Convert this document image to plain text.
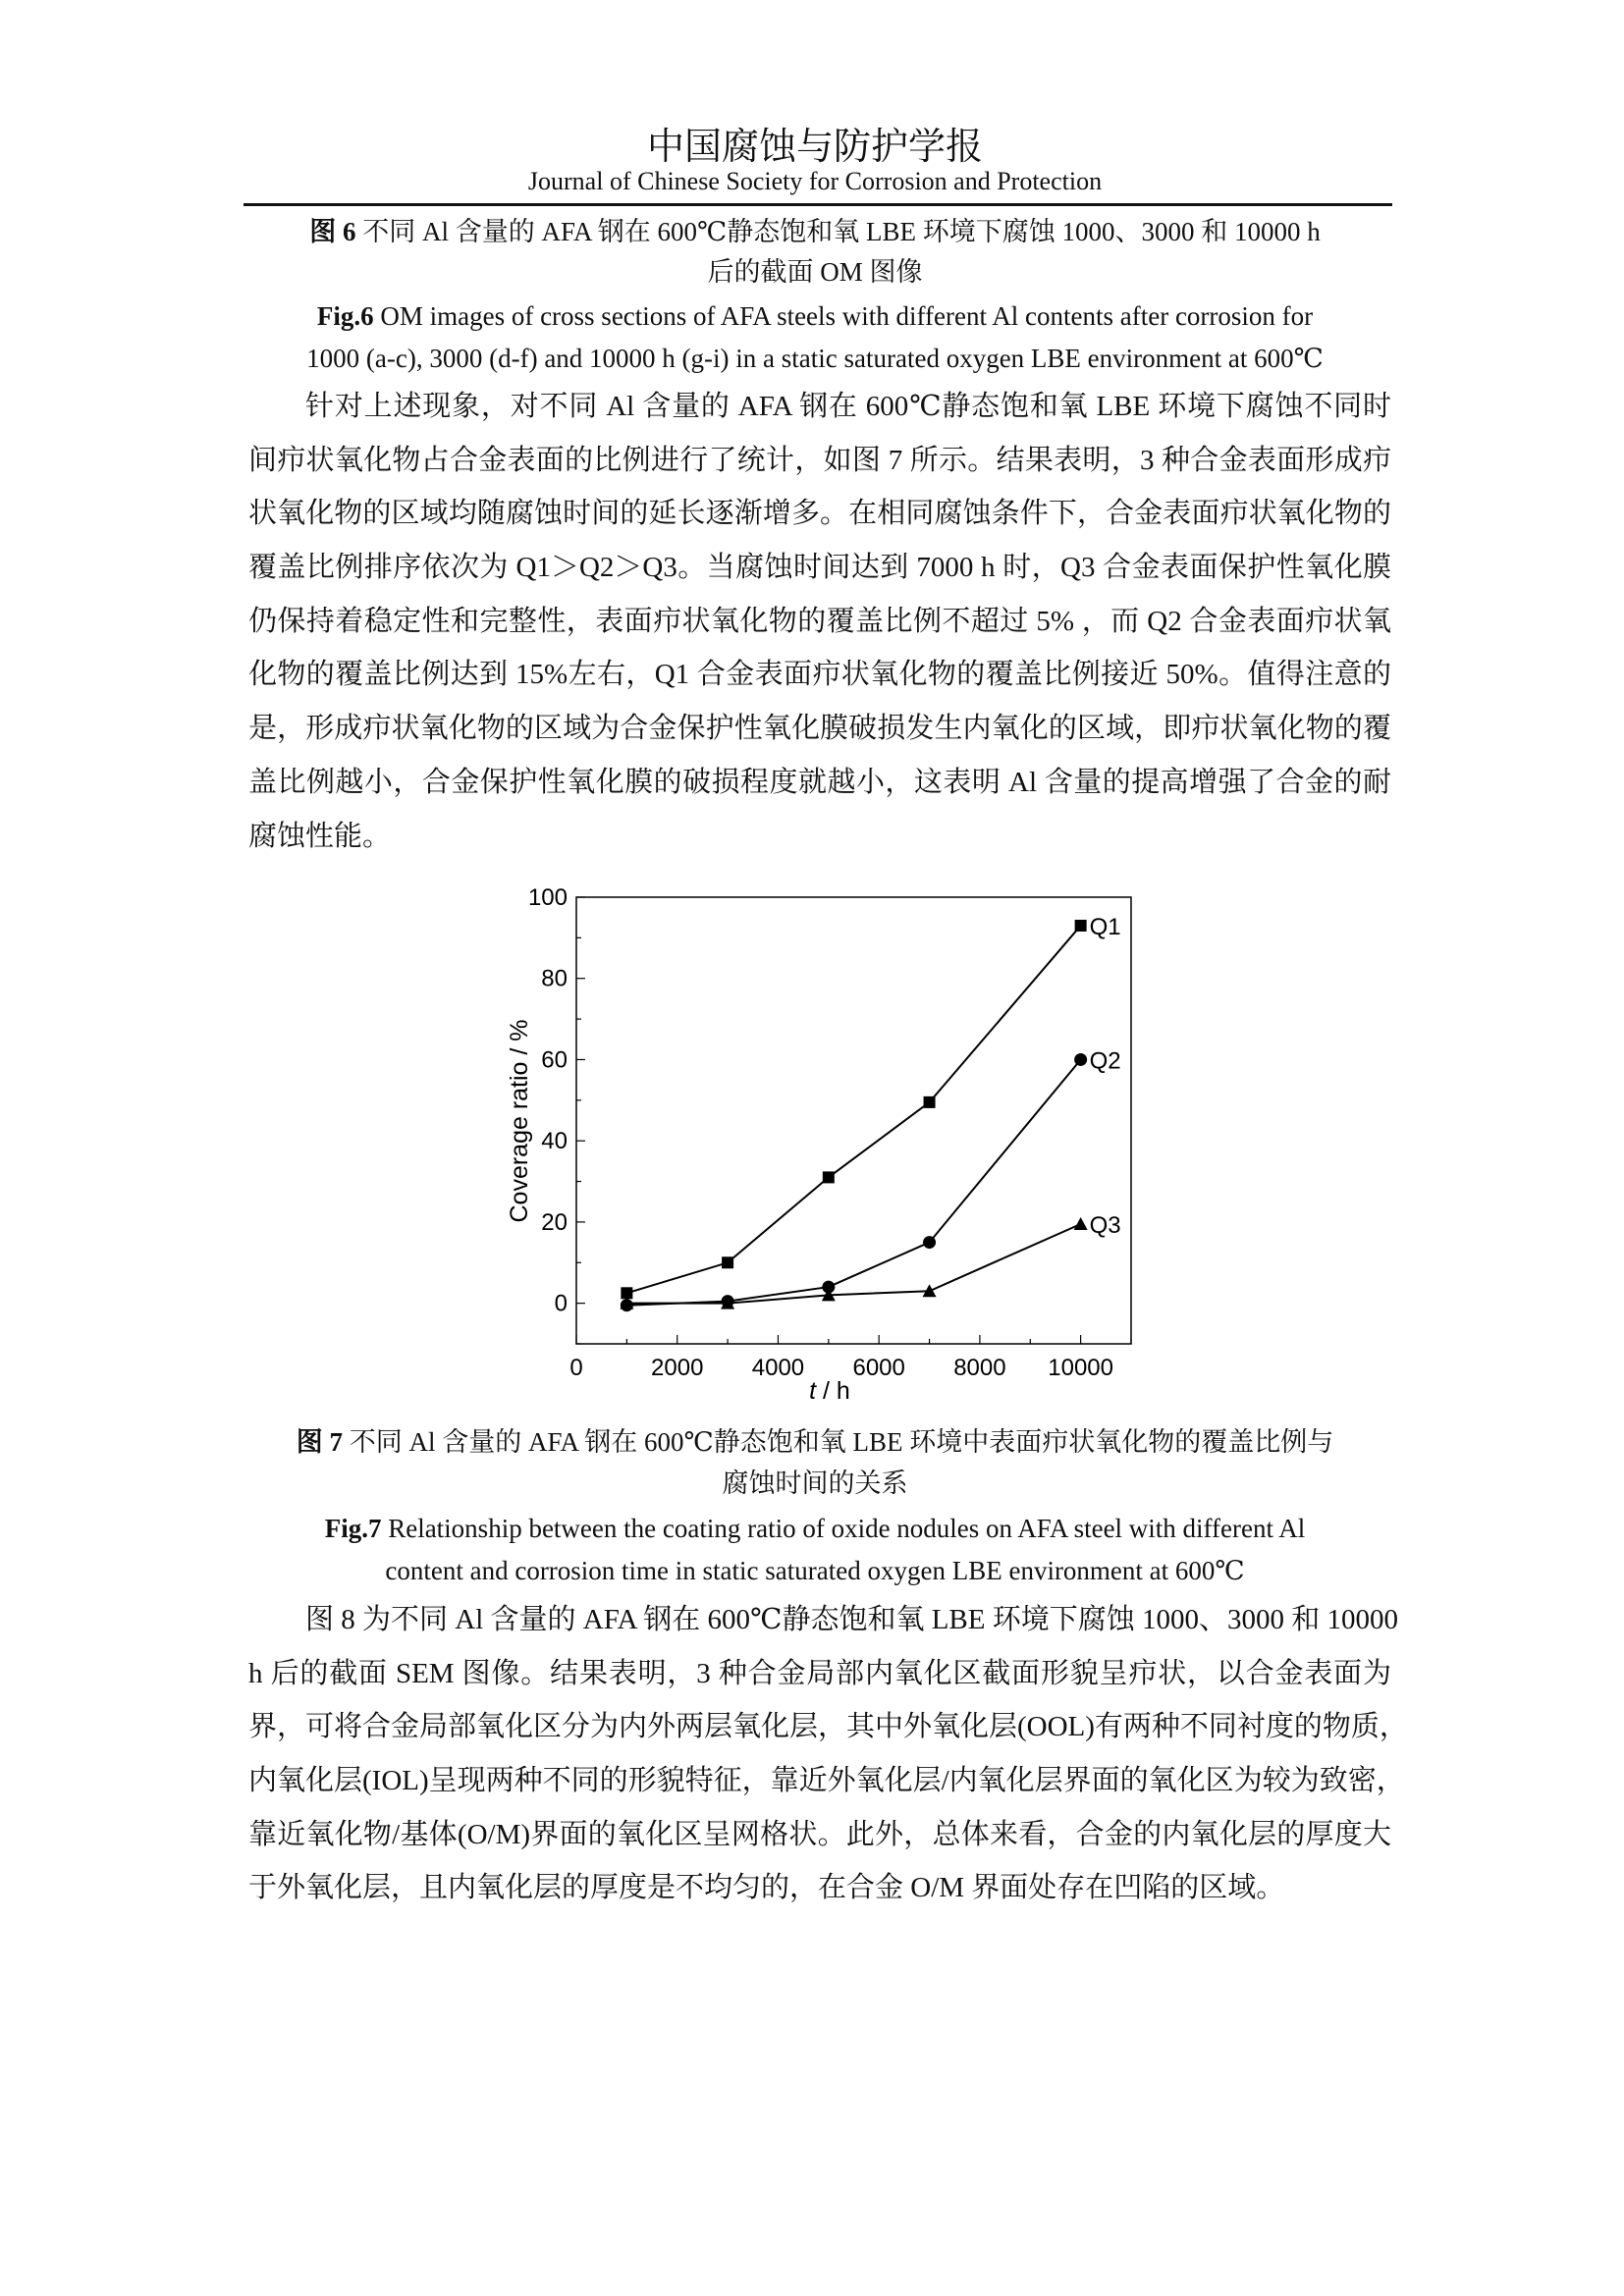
中国腐蚀与防护学报
Journal of Chinese Society for Corrosion and Protection
图 6 不同 Al 含量的 AFA 钢在 600℃静态饱和氧 LBE 环境下腐蚀 1000、3000 和 10000 h
后的截面 OM 图像
Fig.6 OM images of cross sections of AFA steels with different Al contents after corrosion for
1000 (a-c), 3000 (d-f) and 10000 h (g-i) in a static saturated oxygen LBE environment at 600℃
针对上述现象，对不同 Al 含量的 AFA 钢在 600℃静态饱和氧 LBE 环境下腐蚀不同时
间疖状氧化物占合金表面的比例进行了统计，如图 7 所示。结果表明，3 种合金表面形成疖
状氧化物的区域均随腐蚀时间的延长逐渐增多。在相同腐蚀条件下，合金表面疖状氧化物的
覆盖比例排序依次为 Q1＞Q2＞Q3。当腐蚀时间达到 7000 h 时，Q3 合金表面保护性氧化膜
仍保持着稳定性和完整性，表面疖状氧化物的覆盖比例不超过 5% ，而 Q2 合金表面疖状氧
化物的覆盖比例达到 15%左右，Q1 合金表面疖状氧化物的覆盖比例接近 50%。值得注意的
是，形成疖状氧化物的区域为合金保护性氧化膜破损发生内氧化的区域，即疖状氧化物的覆
盖比例越小，合金保护性氧化膜的破损程度就越小，这表明 Al 含量的提高增强了合金的耐
腐蚀性能。
0	2000 4000 6000 8000 10000
0
20
40
60
80
100
Q1
Q2
Q3
Coverage ratio / %
t / h
图 7 不同 Al 含量的 AFA 钢在 600℃静态饱和氧 LBE 环境中表面疖状氧化物的覆盖比例与
腐蚀时间的关系
Fig.7 Relationship between the coating ratio of oxide nodules on AFA steel with different Al
content and corrosion time in static saturated oxygen LBE environment at 600℃
图 8 为不同 Al 含量的 AFA 钢在 600℃静态饱和氧 LBE 环境下腐蚀 1000、3000 和 10000
h 后的截面 SEM 图像。结果表明，3 种合金局部内氧化区截面形貌呈疖状，以合金表面为
界，可将合金局部氧化区分为内外两层氧化层，其中外氧化层(OOL)有两种不同衬度的物质，
内氧化层(IOL)呈现两种不同的形貌特征，靠近外氧化层/内氧化层界面的氧化区为较为致密，
靠近氧化物/基体(O/M)界面的氧化区呈网格状。此外，总体来看，合金的内氧化层的厚度大
于外氧化层，且内氧化层的厚度是不均匀的，在合金 O/M 界面处存在凹陷的区域。
